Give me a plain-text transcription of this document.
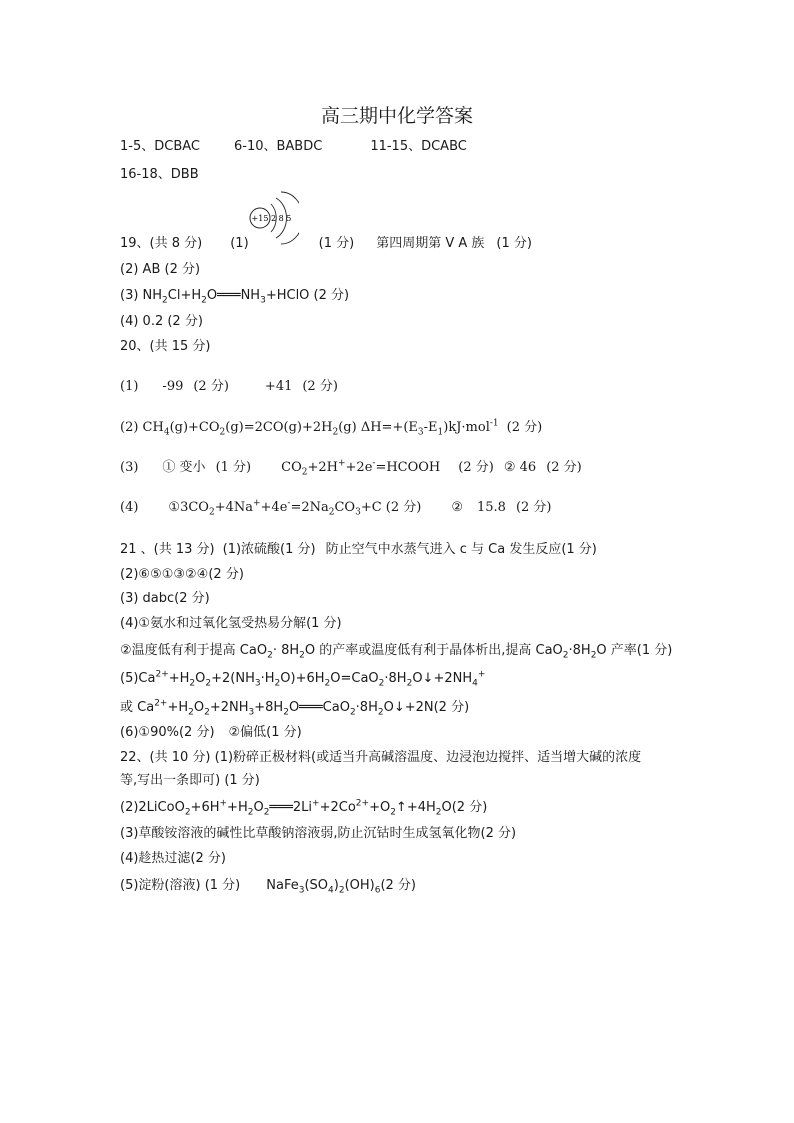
高三期中化学答案
1-5、DCBAC	6-10、BABDC	11-15、DCABC
16-18、DBB
+15 2 8 5
19、(共 8 分) (1)	(1 分) 第四周期第 V A 族 (1 分)
(2) AB (2 分)
(3) $NH_2Cl+H_2O═══NH_3+HClO$ (2 分)
(4) 0.2 (2 分)
20、(共 15 分)
(1) -99 (2 分)	+41 (2 分)
(2) $CH_4(g)+CO_2(g)=2CO(g)+2H_2(g)$ $\Delta H=+(E_3-E_1)kJ\cdot mol^{-1}$ (2 分)
(3) ① 变小 (1 分) $CO_2+2H^++2e^-=HCOOH$ (2 分) ② 46 (2 分)
(4) $①3CO_2+4Na^++4e^-=2Na_2CO_3+C$ (2 分) ② 15.8 (2 分)
21 、(共 13 分) (1)浓硫酸(1 分) 防止空气中水蒸气进入 c 与 Ca 发生反应(1 分)
(2)⑥⑤①③②④(2 分)
(3) dabc(2 分)
(4)①氨水和过氧化氢受热易分解(1 分)
②温度低有利于提高 $CaO_2\cdot 8H_2O$ 的产率或温度低有利于晶体析出,提高 $CaO_2\cdot 8H_2O$ 产率(1 分)
$(5)Ca^{2+}+H_2O_2+2(NH_3\cdot H_2O)+6H_2O=CaO_2\cdot 8H_2O↓+2NH_4^+$
或 $Ca^{2+}+H_2O_2+2NH_3+8H_2O═══CaO_2\cdot 8H_2O↓+2N(2$ 分)
(6)①90%(2 分) ②偏低(1 分)
22、(共 10 分) (1)粉碎正极材料(或适当升高碱溶温度、边浸泡边搅拌、适当增大碱的浓度
等,写出一条即可) (1 分)
$(2)2LiCoO_2+6H^++H_2O_2═══2Li^++2Co^{2+}+O_2↑+4H_2O(2$ 分)
(3)草酸铵溶液的碱性比草酸钠溶液弱,防止沉钴时生成氢氧化物(2 分)
(4)趁热过滤(2 分)
(5)淀粉(溶液) (1 分) $NaFe_3(SO_4)_2(OH)_6(2$ 分)
